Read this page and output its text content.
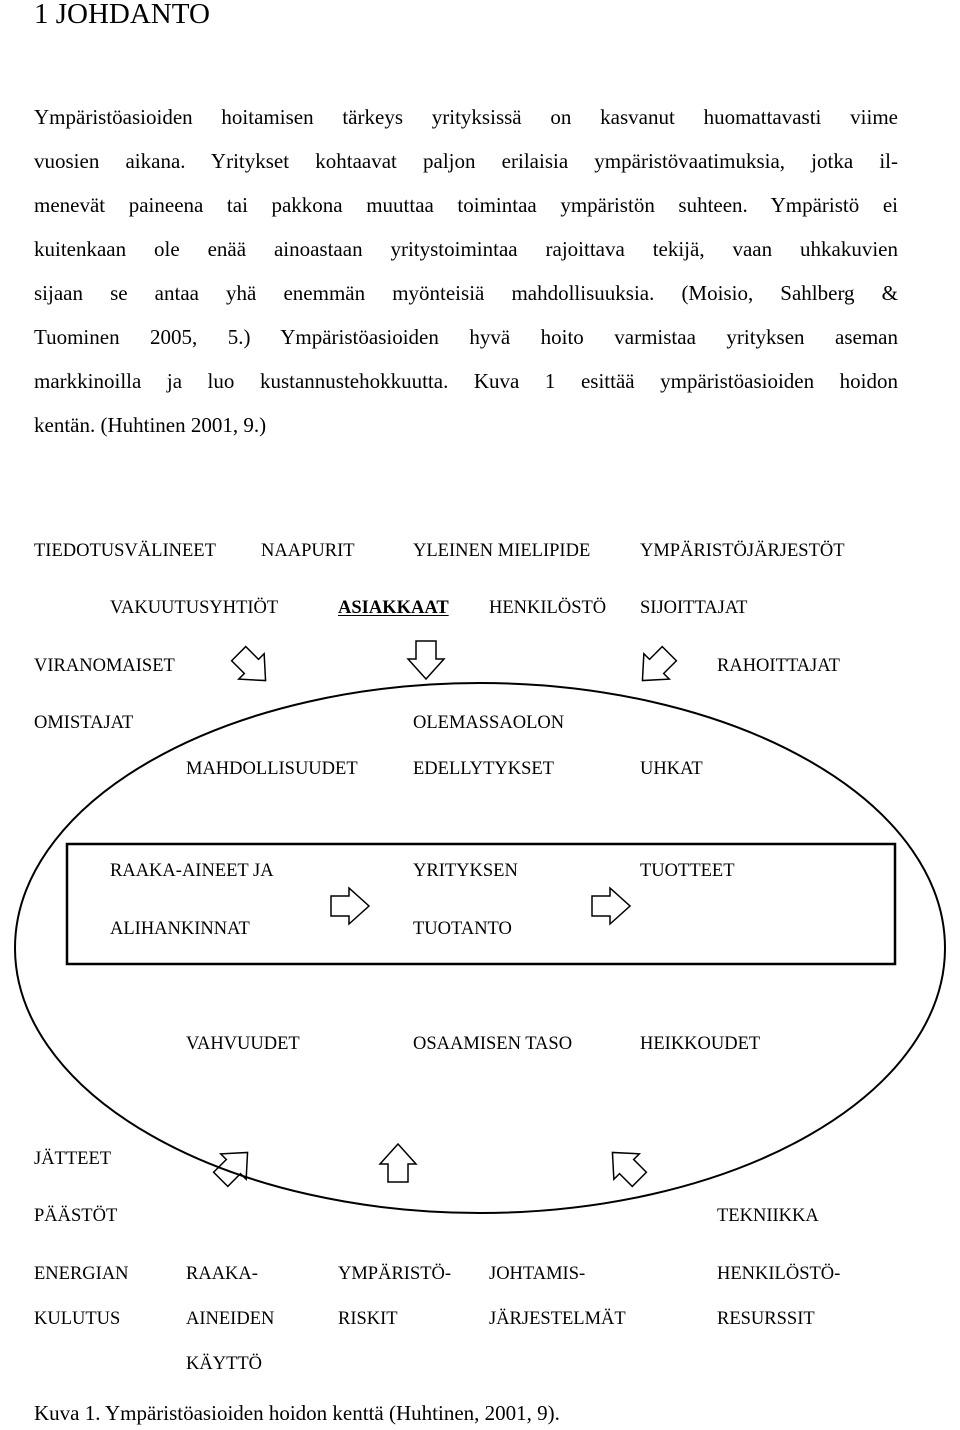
1 JOHDANTO
Ympäristöasioiden hoitamisen tärkeys yrityksissä on kasvanut huomattavasti viime
vuosien aikana. Yritykset kohtaavat paljon erilaisia ympäristövaatimuksia, jotka il-
menevät paineena tai pakkona muuttaa toimintaa ympäristön suhteen. Ympäristö ei
kuitenkaan ole enää ainoastaan yritystoimintaa rajoittava tekijä, vaan uhkakuvien
sijaan se antaa yhä enemmän myönteisiä mahdollisuuksia. (Moisio, Sahlberg &
Tuominen 2005, 5.) Ympäristöasioiden hyvä hoito varmistaa yrityksen aseman
markkinoilla ja luo kustannustehokkuutta. Kuva 1 esittää ympäristöasioiden hoidon
kentän. (Huhtinen 2001, 9.)
TIEDOTUSVÄLINEET NAAPURIT	YLEINEN MIELIPIDE	YMPÄRISTÖJÄRJESTÖT
VAKUUTUSYHTIÖT	ASIAKKAAT HENKILÖSTÖ SIJOITTAJAT
VIRANOMAISET	RAHOITTAJAT
OMISTAJAT	OLEMASSAOLON
MAHDOLLISUUDET	EDELLYTYKSET	UHKAT
RAAKA-AINEET JA
ALIHANKINNAT
YRITYKSEN
TUOTANTO
TUOTTEET
VAHVUUDET	OSAAMISEN TASO	HEIKKOUDET
JÄTTEET
PÄÄSTÖT	TEKNIIKKA
ENERGIAN
KULUTUS
RAAKA-
AINEIDEN
KÄYTTÖ
YMPÄRISTÖ-
RISKIT
JOHTAMIS-
JÄRJESTELMÄT
HENKILÖSTÖ-
RESURSSIT
Kuva 1. Ympäristöasioiden hoidon kenttä (Huhtinen, 2001, 9).
